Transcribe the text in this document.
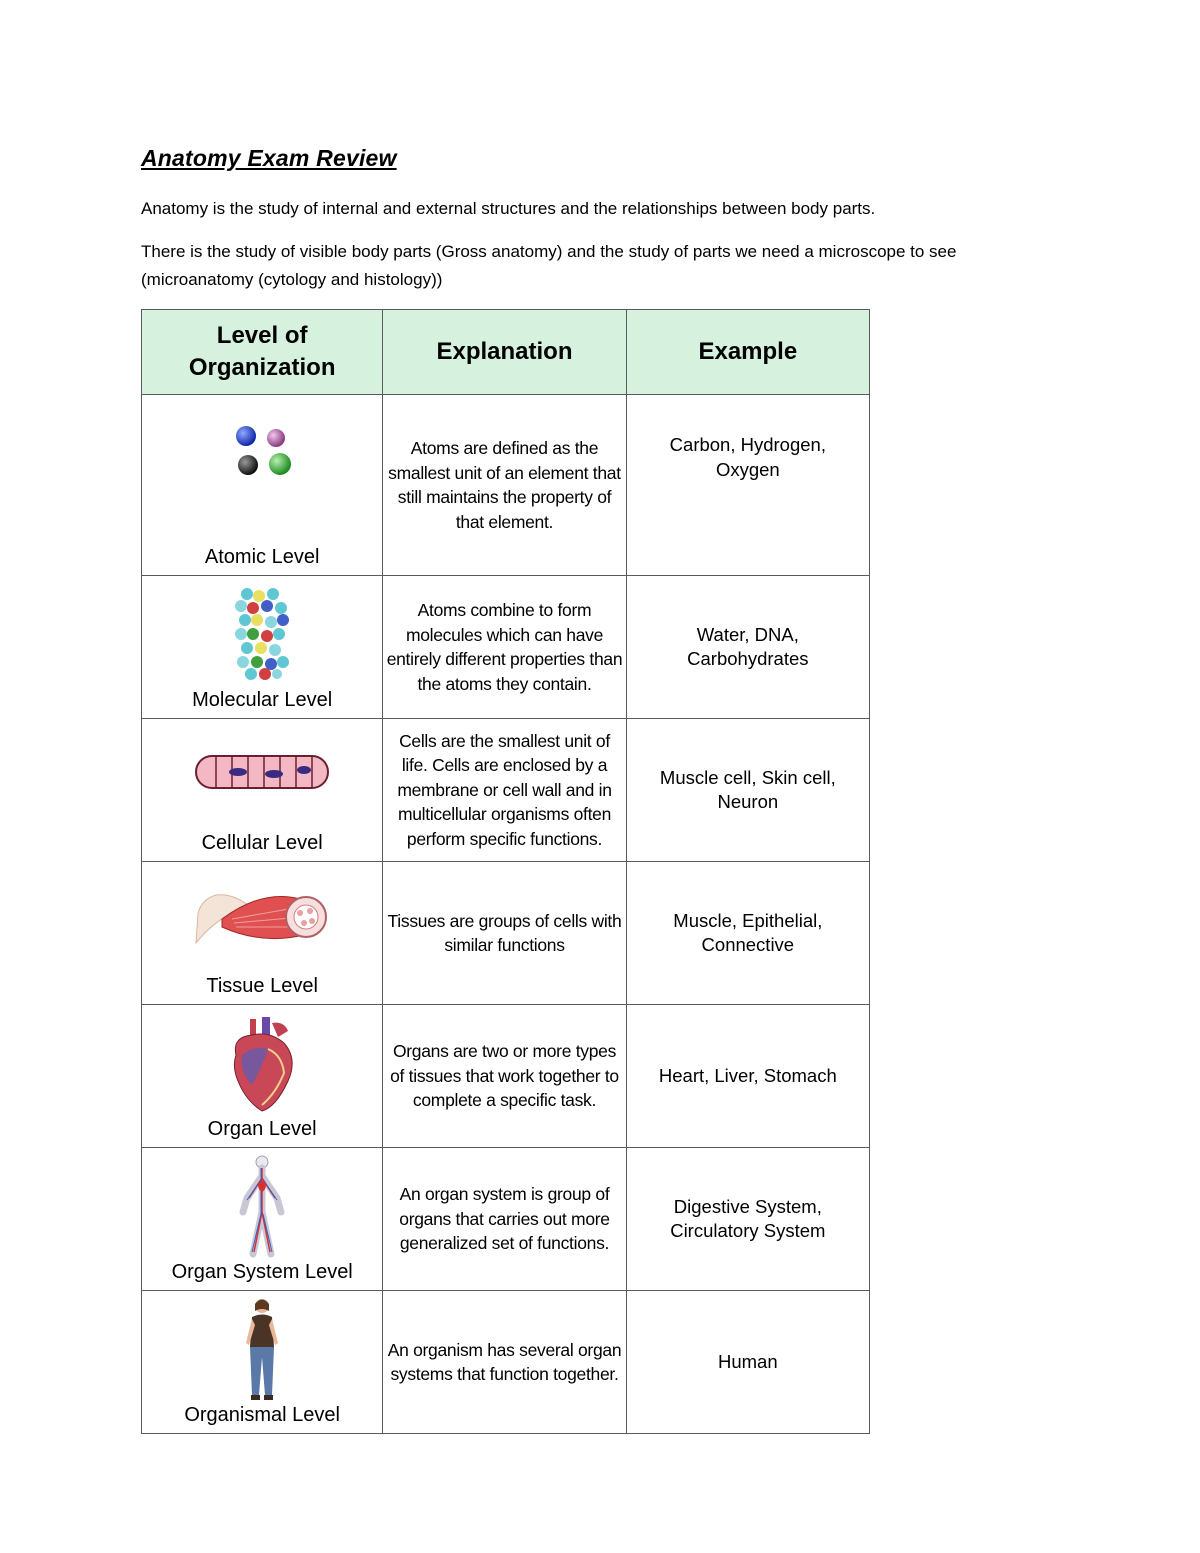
Anatomy Exam Review

Anatomy is the study of internal and external structures and the relationships between body parts.

There is the study of visible body parts (Gross anatomy) and the study of parts we need a microscope to see (microanatomy (cytology and histology))

Level of Organization	Explanation	Example

Atomic Level	Atoms are defined as the smallest unit of an element that still maintains the property of that element.	Carbon, Hydrogen, Oxygen

Molecular Level	Atoms combine to form molecules which can have entirely different properties than the atoms they contain.	Water, DNA, Carbohydrates

Cellular Level	Cells are the smallest unit of life. Cells are enclosed by a membrane or cell wall and in multicellular organisms often perform specific functions.	Muscle cell, Skin cell, Neuron

Tissue Level	Tissues are groups of cells with similar functions	Muscle, Epithelial, Connective

Organ Level	Organs are two or more types of tissues that work together to complete a specific task.	Heart, Liver, Stomach

Organ System Level	An organ system is group of organs that carries out more generalized set of functions.	Digestive System, Circulatory System

Organismal Level	An organism has several organ systems that function together.	Human
